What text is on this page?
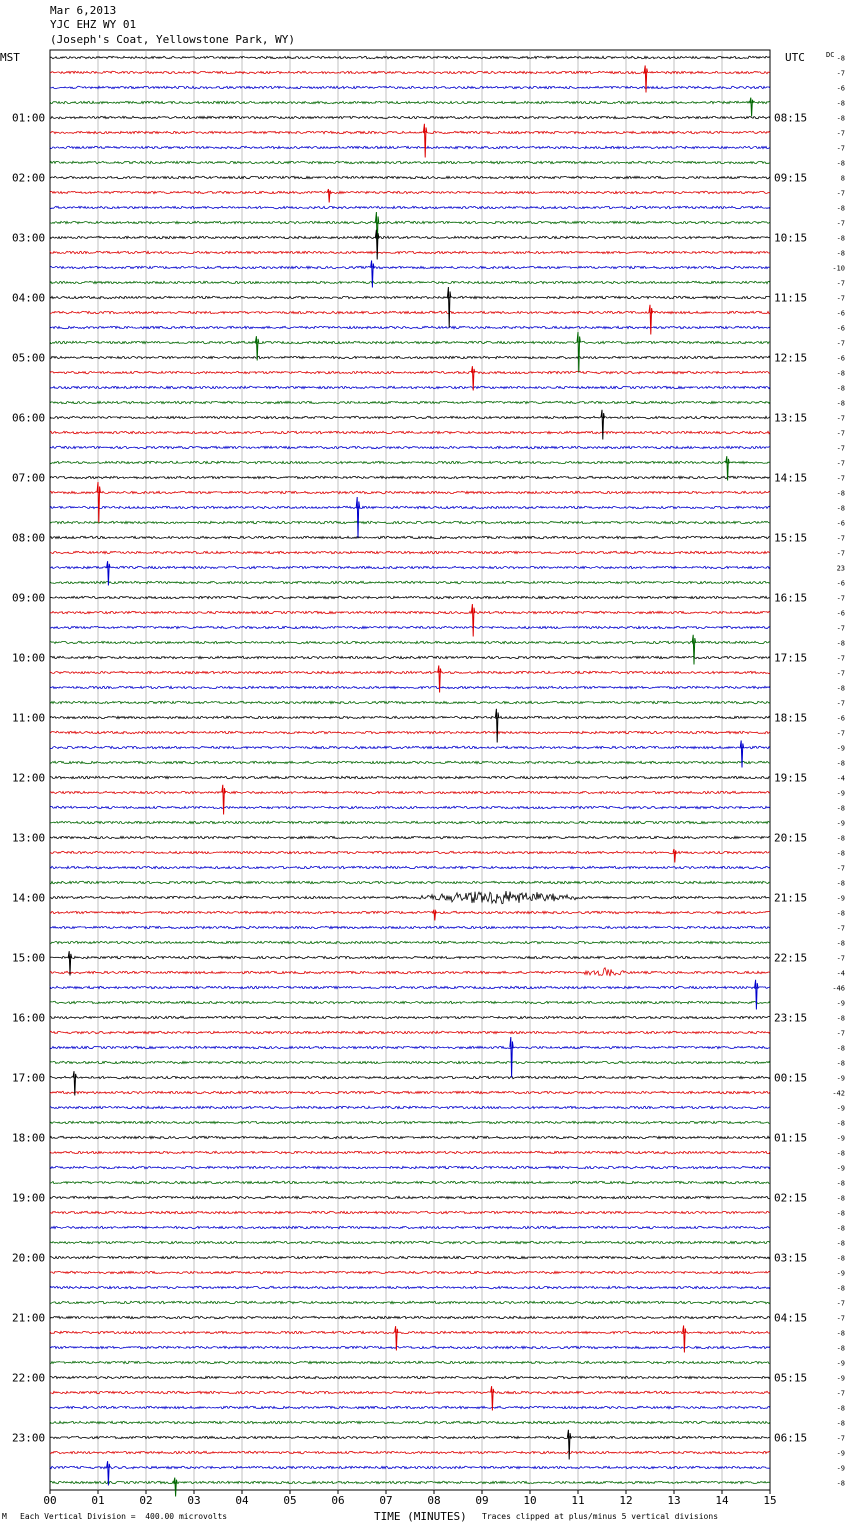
Mar 6,2013
YJC EHZ WY 01
(Joseph's Coat, Yellowstone Park, WY)
MST	UTC	DC
01:00	08:15
02:00	09:15
03:00	10:15
04:00	11:15
05:00	12:15
06:00	13:15
07:00	14:15
08:00	15:15
09:00	16:15
10:00	17:15
11:00	18:15
12:00	19:15
13:00	20:15
14:00	21:15
15:00	22:15
16:00	23:15
17:00	00:15
18:00	01:15
19:00	02:15
20:00	03:15
21:00	04:15
22:00	05:15
23:00	06:15
-8
-7
-6
-8
-8
-7
-7
-8
8
-7
-8
-7
-8
-8
-10
-7
-7
-6
-6
-7
-6
-8
-8
-8
-7
-7
-7
-7
-7
-8
-8
-6
-7
-7
23
-6
-7
-6
-7
-8
-7
-7
-8
-7
-6
-7
-9
-8
-4
-9
-8
-9
-8
-8
-7
-8
-9
-8
-7
-8
-7
-4
-46
-9
-8
-7
-8
-8
-9
-42
-9
-8
-9
-8
-9
-8
-8
-8
-8
-8
-8
-9
-8
-7
-7
-8
-8
-9
-9
-7
-8
-8
-7
-9
-9
-8
00	01	02	03	04	05	06	07	08	09	10	11	12	13	14	15
TIME (MINUTES)
M Each Vertical Division =  400.00 microvolts	Traces clipped at plus/minus 5 vertical divisions
